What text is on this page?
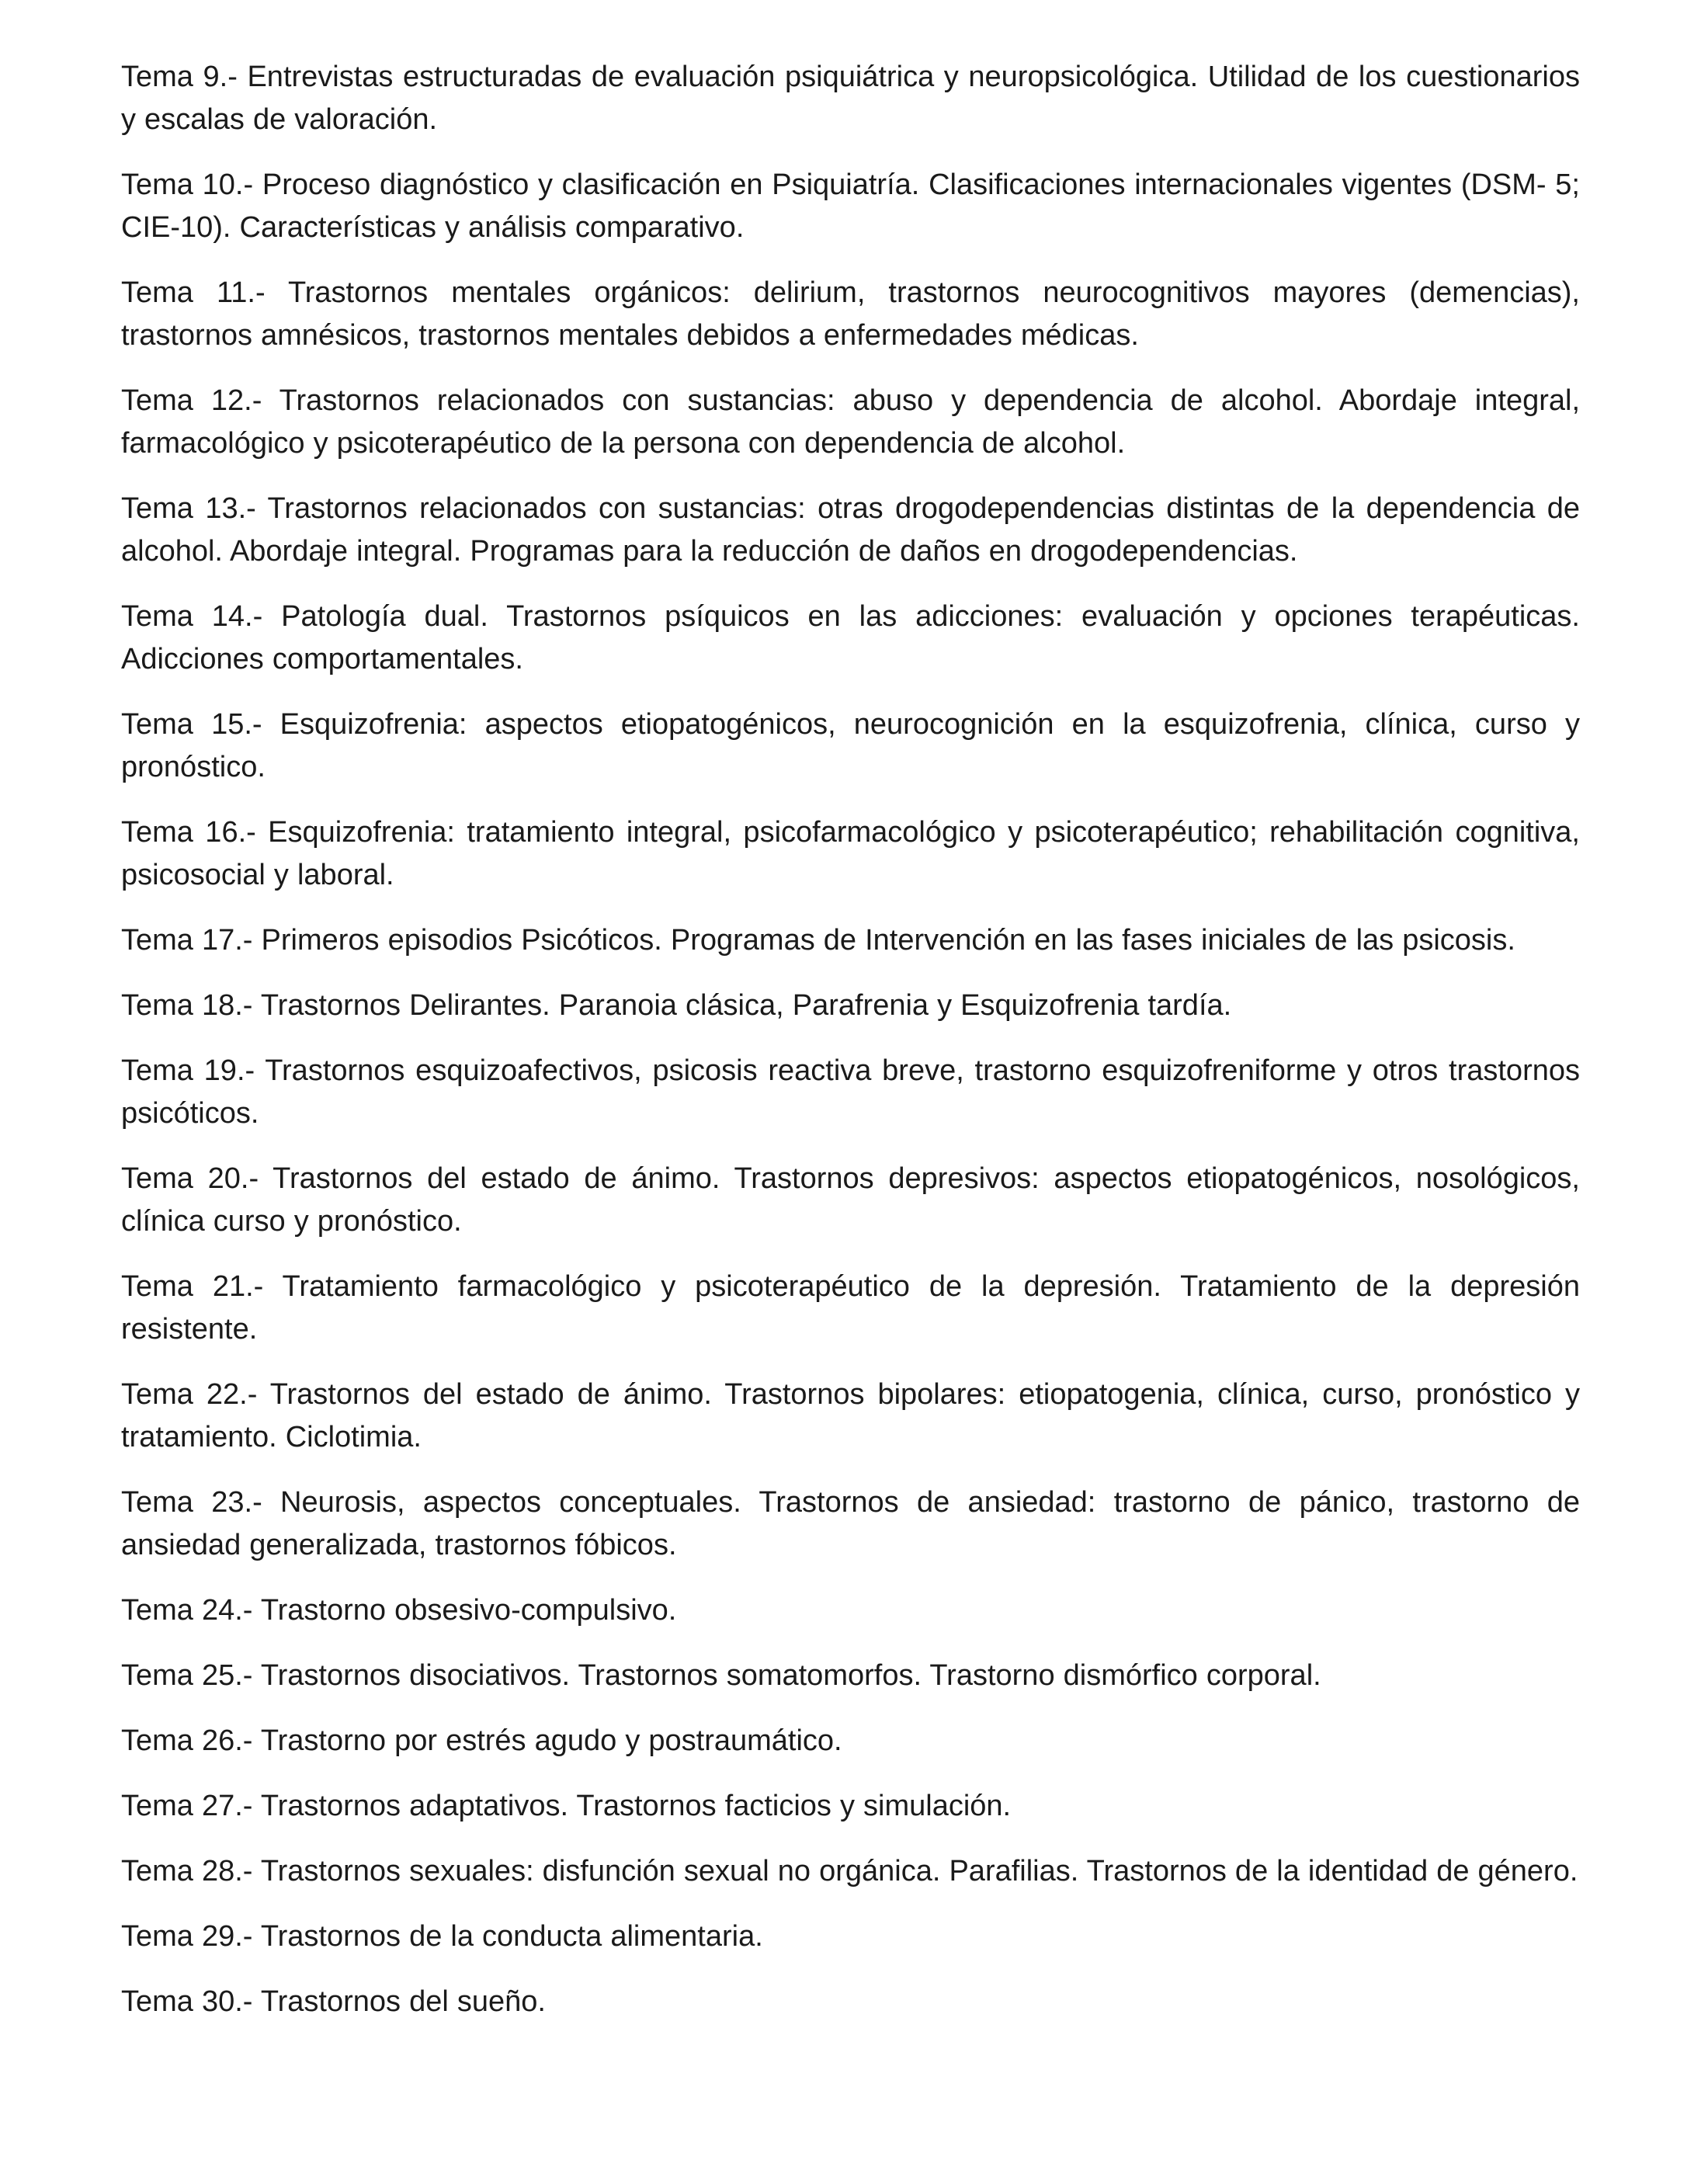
Tema 9.- Entrevistas estructuradas de evaluación psiquiátrica y neuropsicológica. Utilidad de los cuestionarios y escalas de valoración.

Tema 10.- Proceso diagnóstico y clasificación en Psiquiatría. Clasificaciones internacionales vigentes (DSM- 5; CIE-10). Características y análisis comparativo.

Tema 11.- Trastornos mentales orgánicos: delirium, trastornos neurocognitivos mayores (demencias), trastornos amnésicos, trastornos mentales debidos a enfermedades médicas.

Tema 12.- Trastornos relacionados con sustancias: abuso y dependencia de alcohol. Abordaje integral, farmacológico y psicoterapéutico de la persona con dependencia de alcohol.

Tema 13.- Trastornos relacionados con sustancias: otras drogodependencias distintas de la dependencia de alcohol. Abordaje integral. Programas para la reducción de daños en drogodependencias.

Tema 14.- Patología dual. Trastornos psíquicos en las adicciones: evaluación y opciones terapéuticas. Adicciones comportamentales.

Tema 15.- Esquizofrenia: aspectos etiopatogénicos, neurocognición en la esquizofrenia, clínica, curso y pronóstico.

Tema 16.- Esquizofrenia: tratamiento integral, psicofarmacológico y psicoterapéutico; rehabilitación cognitiva, psicosocial y laboral.

Tema 17.- Primeros episodios Psicóticos. Programas de Intervención en las fases iniciales de las psicosis.

Tema 18.- Trastornos Delirantes. Paranoia clásica, Parafrenia y Esquizofrenia tardía.

Tema 19.- Trastornos esquizoafectivos, psicosis reactiva breve, trastorno esquizofreniforme y otros trastornos psicóticos.

Tema 20.- Trastornos del estado de ánimo. Trastornos depresivos: aspectos etiopatogénicos, nosológicos, clínica curso y pronóstico.

Tema 21.- Tratamiento farmacológico y psicoterapéutico de la depresión. Tratamiento de la depresión resistente.

Tema 22.- Trastornos del estado de ánimo. Trastornos bipolares: etiopatogenia, clínica, curso, pronóstico y tratamiento. Ciclotimia.

Tema 23.- Neurosis, aspectos conceptuales. Trastornos de ansiedad: trastorno de pánico, trastorno de ansiedad generalizada, trastornos fóbicos.

Tema 24.- Trastorno obsesivo-compulsivo.

Tema 25.- Trastornos disociativos. Trastornos somatomorfos. Trastorno dismórfico corporal.

Tema 26.- Trastorno por estrés agudo y postraumático.

Tema 27.- Trastornos adaptativos. Trastornos facticios y simulación.

Tema 28.- Trastornos sexuales: disfunción sexual no orgánica. Parafilias. Trastornos de la identidad de género.

Tema 29.- Trastornos de la conducta alimentaria.

Tema 30.- Trastornos del sueño.
